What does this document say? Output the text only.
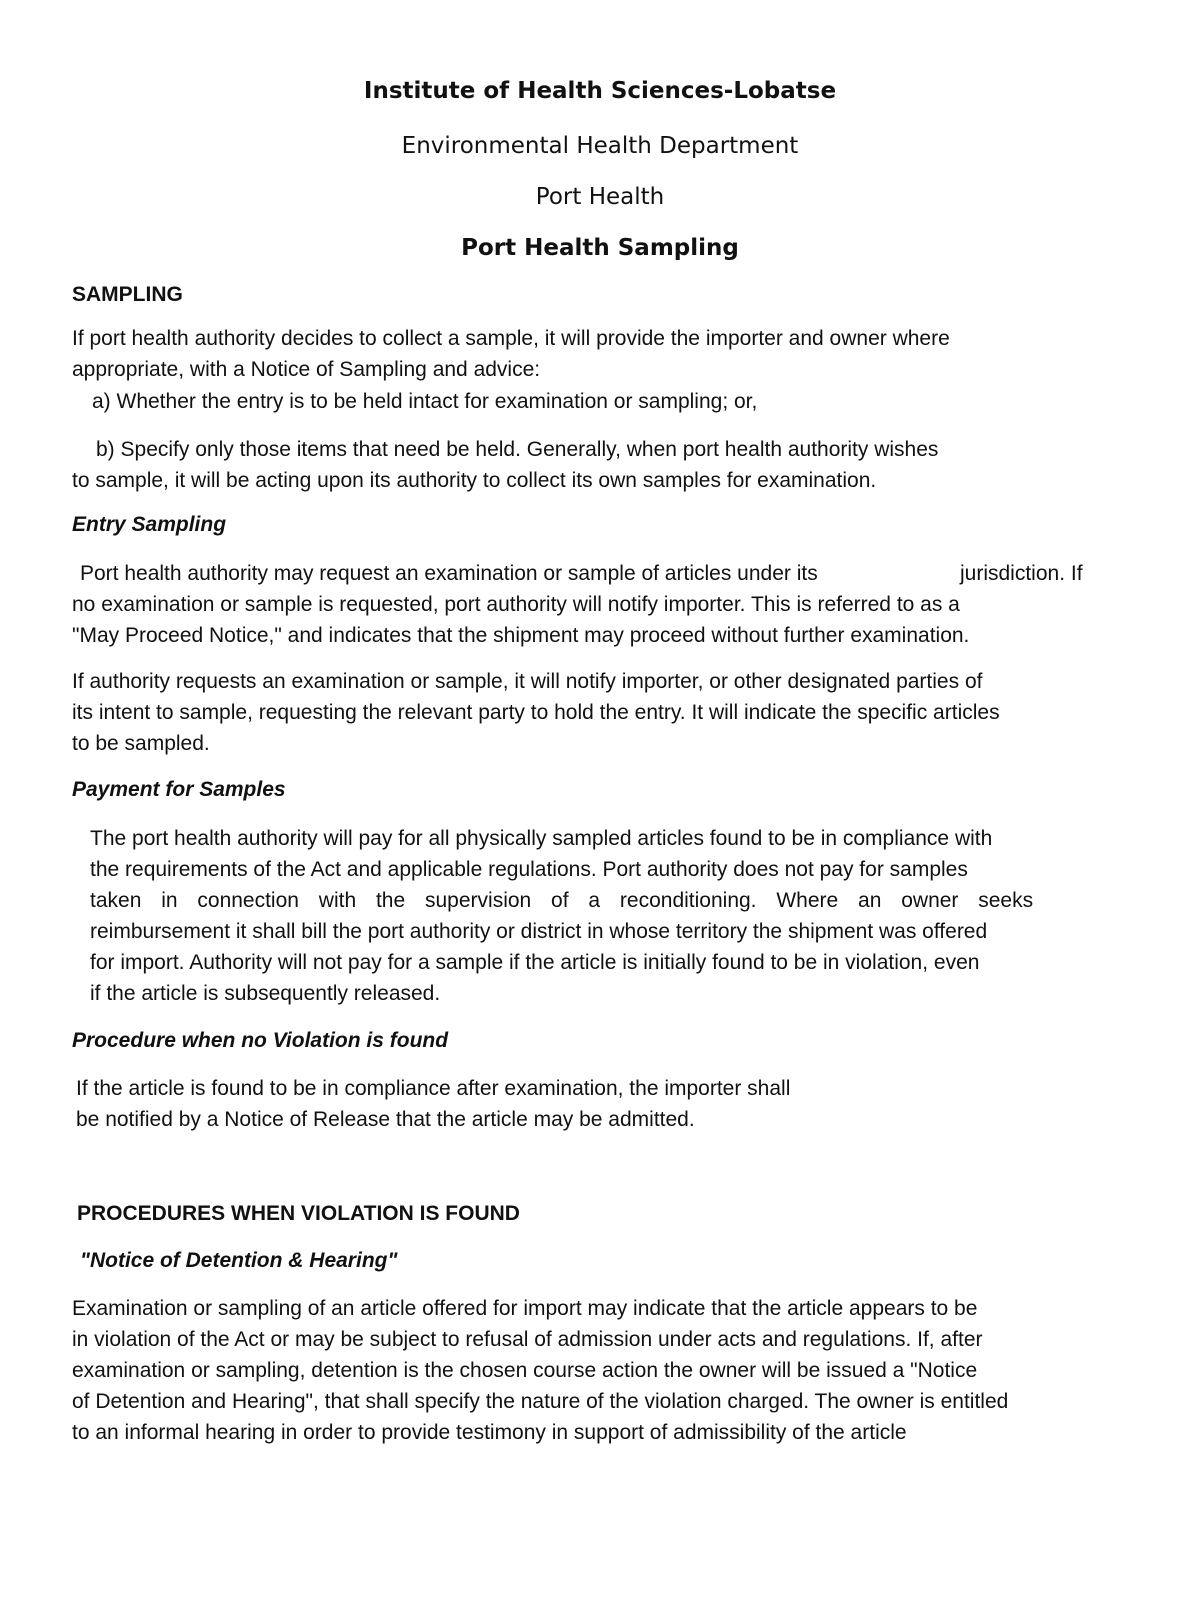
Institute of Health Sciences-Lobatse
Environmental Health Department
Port Health
Port Health Sampling
SAMPLING
If port health authority decides to collect a sample, it will provide the importer and owner where
appropriate, with a Notice of Sampling and advice:
a) Whether the entry is to be held intact for examination or sampling; or,
b) Specify only those items that need be held. Generally, when port health authority wishes
to sample, it will be acting upon its authority to collect its own samples for examination.
Entry Sampling
Port health authority may request an examination or sample of articles under its	jurisdiction. If
no examination or sample is requested, port authority will notify importer. This is referred to as a
"May Proceed Notice," and indicates that the shipment may proceed without further examination.
If authority requests an examination or sample, it will notify importer, or other designated parties of
its intent to sample, requesting the relevant party to hold the entry. It will indicate the specific articles
to be sampled.
Payment for Samples
The port health authority will pay for all physically sampled articles found to be in compliance with
the requirements of the Act and applicable regulations. Port authority does not pay for samples
taken in connection with the supervision of a reconditioning. Where an owner seeks
reimbursement it shall bill the port authority or district in whose territory the shipment was offered
for import. Authority will not pay for a sample if the article is initially found to be in violation, even
if the article is subsequently released.
Procedure when no Violation is found
If the article is found to be in compliance after examination, the importer shall
be notified by a Notice of Release that the article may be admitted.
PROCEDURES WHEN VIOLATION IS FOUND
"Notice of Detention & Hearing"
Examination or sampling of an article offered for import may indicate that the article appears to be
in violation of the Act or may be subject to refusal of admission under acts and regulations. If, after
examination or sampling, detention is the chosen course action the owner will be issued a "Notice
of Detention and Hearing", that shall specify the nature of the violation charged. The owner is entitled
to an informal hearing in order to provide testimony in support of admissibility of the article
